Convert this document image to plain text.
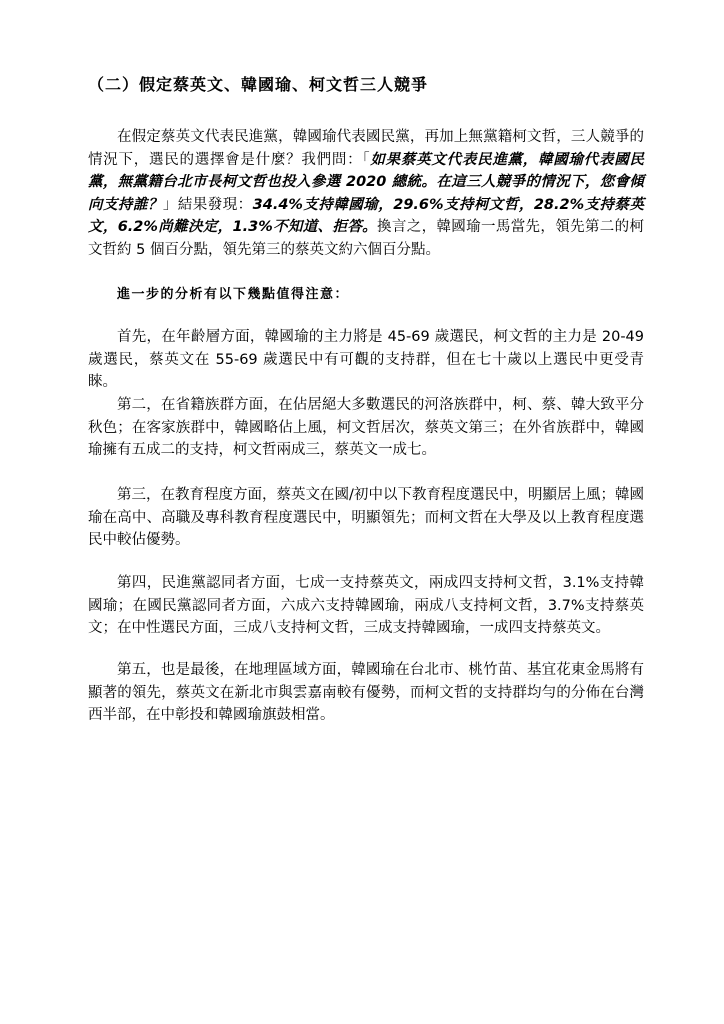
（二）假定蔡英文、韓國瑜、柯文哲三人競爭

在假定蔡英文代表民進黨，韓國瑜代表國民黨，再加上無黨籍柯文哲，三人競爭的情況下，選民的選擇會是什麼？我們問：「如果蔡英文代表民進黨，韓國瑜代表國民黨，無黨籍台北市長柯文哲也投入參選 2020 總統。在這三人競爭的情況下，您會傾向支持誰？」結果發現：34.4%支持韓國瑜，29.6%支持柯文哲，28.2%支持蔡英文，6.2%尚難決定，1.3%不知道、拒答。換言之，韓國瑜一馬當先，領先第二的柯文哲約 5 個百分點，領先第三的蔡英文約六個百分點。

進一步的分析有以下幾點值得注意：

首先，在年齡層方面，韓國瑜的主力將是 45-69 歲選民，柯文哲的主力是 20-49 歲選民，蔡英文在 55-69 歲選民中有可觀的支持群，但在七十歲以上選民中更受青睞。

第二，在省籍族群方面，在佔居絕大多數選民的河洛族群中，柯、蔡、韓大致平分秋色；在客家族群中，韓國略佔上風，柯文哲居次，蔡英文第三；在外省族群中，韓國瑜擁有五成二的支持，柯文哲兩成三，蔡英文一成七。

第三，在教育程度方面，蔡英文在國/初中以下教育程度選民中，明顯居上風；韓國瑜在高中、高職及專科教育程度選民中，明顯領先；而柯文哲在大學及以上教育程度選民中較佔優勢。

第四，民進黨認同者方面，七成一支持蔡英文，兩成四支持柯文哲，3.1%支持韓國瑜；在國民黨認同者方面，六成六支持韓國瑜，兩成八支持柯文哲，3.7%支持蔡英文；在中性選民方面，三成八支持柯文哲，三成支持韓國瑜，一成四支持蔡英文。

第五，也是最後，在地理區域方面，韓國瑜在台北市、桃竹苗、基宜花東金馬將有顯著的領先，蔡英文在新北市與雲嘉南較有優勢，而柯文哲的支持群均勻的分佈在台灣西半部，在中彰投和韓國瑜旗鼓相當。
